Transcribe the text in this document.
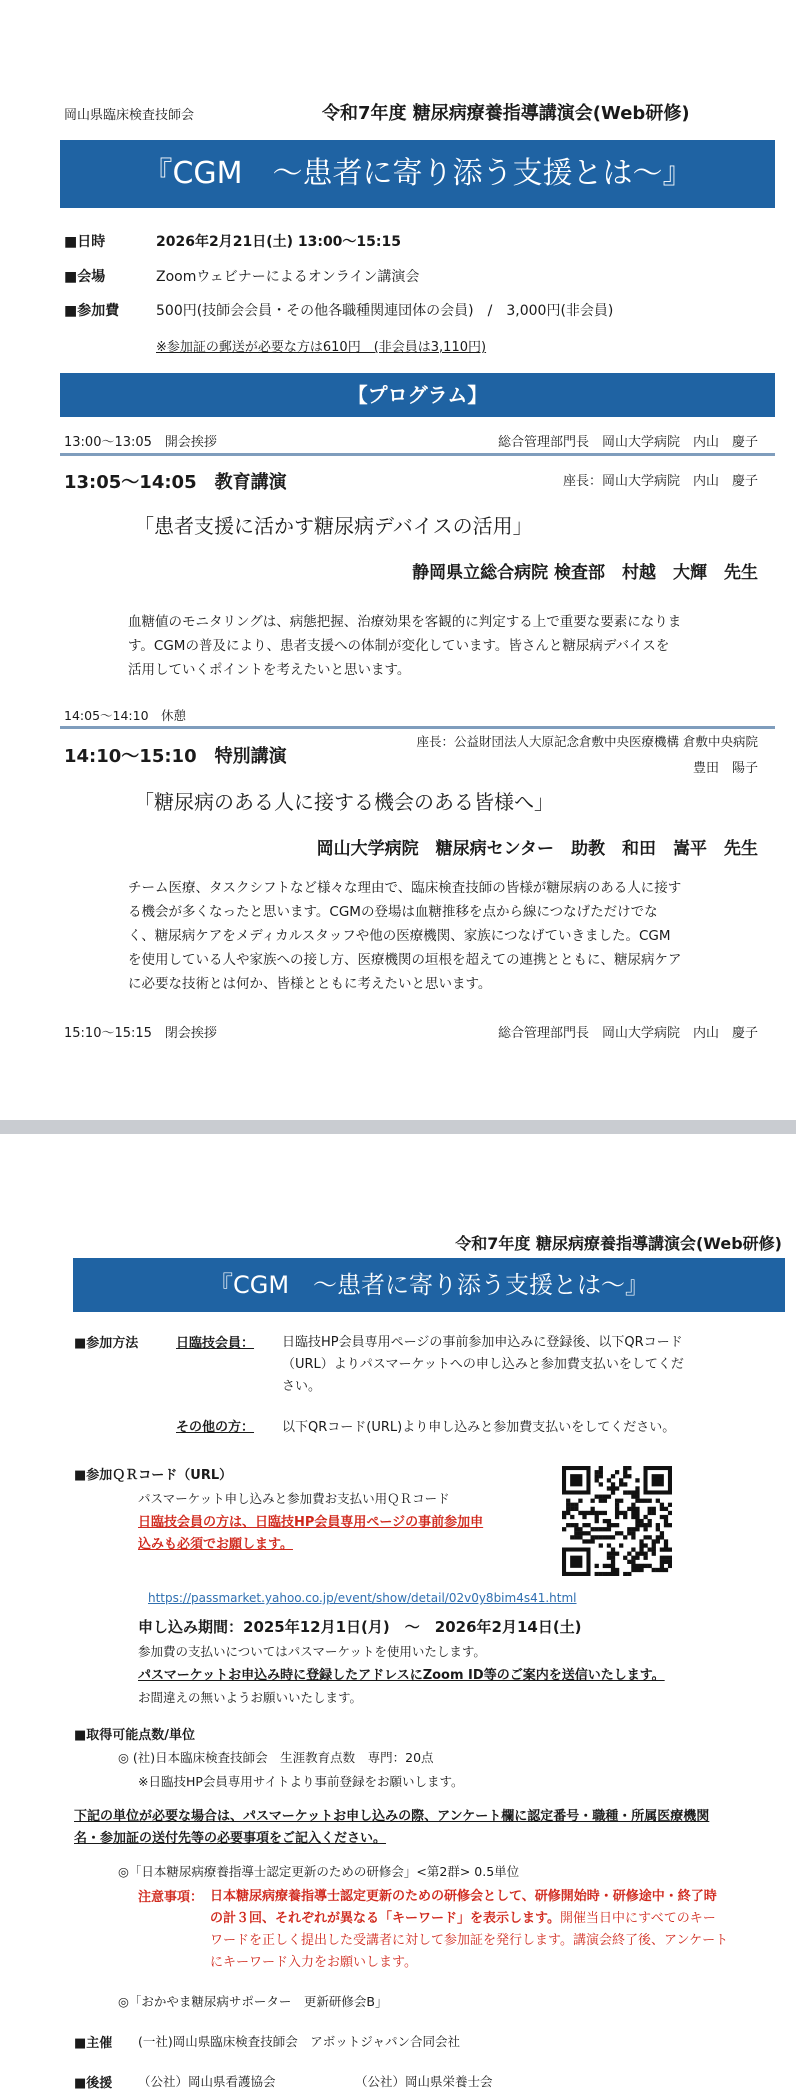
岡山県臨床検査技師会	令和7年度 糖尿病療養指導講演会(Web研修)
『CGM　～患者に寄り添う支援とは～』
■日時	2026年2月21日(土) 13:00～15:15
■会場	Zoomウェビナーによるオンライン講演会
■参加費	500円(技師会会員・その他各職種関連団体の会員)　/　3,000円(非会員)
※参加証の郵送が必要な方は610円　(非会員は3,110円)
【プログラム】
13:00～13:05　開会挨拶	総合管理部門長　岡山大学病院　内山　慶子
13:05～14:05　教育講演	座長：岡山大学病院　内山　慶子
「患者支援に活かす糖尿病デバイスの活用」
静岡県立総合病院 検査部　村越　大輝　先生
血糖値のモニタリングは、病態把握、治療効果を客観的に判定する上で重要な要素になりま
す。CGMの普及により、患者支援への体制が変化しています。皆さんと糖尿病デバイスを
活用していくポイントを考えたいと思います。
14:05～14:10　休憩
14:10～15:10　特別講演
座長：公益財団法人大原記念倉敷中央医療機構 倉敷中央病院
豊田　陽子
「糖尿病のある人に接する機会のある皆様へ」
岡山大学病院　糖尿病センター　助教　和田　嵩平　先生
チーム医療、タスクシフトなど様々な理由で、臨床検査技師の皆様が糖尿病のある人に接す
る機会が多くなったと思います。CGMの登場は血糖推移を点から線につなげただけでな
く、糖尿病ケアをメディカルスタッフや他の医療機関、家族につなげていきました。CGM
を使用している人や家族への接し方、医療機関の垣根を超えての連携とともに、糖尿病ケア
に必要な技術とは何か、皆様とともに考えたいと思います。
15:10～15:15　閉会挨拶	総合管理部門長　岡山大学病院　内山　慶子
令和7年度 糖尿病療養指導講演会(Web研修)
『CGM　～患者に寄り添う支援とは～』
■参加方法	日臨技会員： 日臨技HP会員専用ページの事前参加申込みに登録後、以下QRコード
（URL）よりパスマーケットへの申し込みと参加費支払いをしてくだ
さい。
その他の方： 以下QRコード(URL)より申し込みと参加費支払いをしてください。
■参加ＱＲコード（URL）
パスマーケット申し込みと参加費お支払い用ＱＲコード
日臨技会員の方は、日臨技HP会員専用ページの事前参加申
込みも必須でお願します。
https://passmarket.yahoo.co.jp/event/show/detail/02v0y8bim4s41.html
申し込み期間：2025年12月1日(月)　～　2026年2月14日(土)
参加費の支払いについてはパスマーケットを使用いたします。
パスマーケットお申込み時に登録したアドレスにZoom ID等のご案内を送信いたします。
お間違えの無いようお願いいたします。
■取得可能点数/単位
◎ (社)日本臨床検査技師会　生涯教育点数　専門：20点
※日臨技HP会員専用サイトより事前登録をお願いします。
下記の単位が必要な場合は、パスマーケットお申し込みの際、アンケート欄に認定番号・職種・所属医療機関
名・参加証の送付先等の必要事項をご記入ください。
◎「日本糖尿病療養指導士認定更新のための研修会」<第2群> 0.5単位
注意事項： 日本糖尿病療養指導士認定更新のための研修会として、研修開始時・研修途中・終了時
の計３回、それぞれが異なる「キーワード」を表示します。開催当日中にすべてのキー
ワードを正しく提出した受講者に対して参加証を発行します。講演会終了後、アンケート
にキーワード入力をお願いします。
◎「おかやま糖尿病サポーター　更新研修会B」
■主催 (一社)岡山県臨床検査技師会　アボットジャパン合同会社
■後援 （公社）岡山県看護協会	（公社）岡山県栄養士会
